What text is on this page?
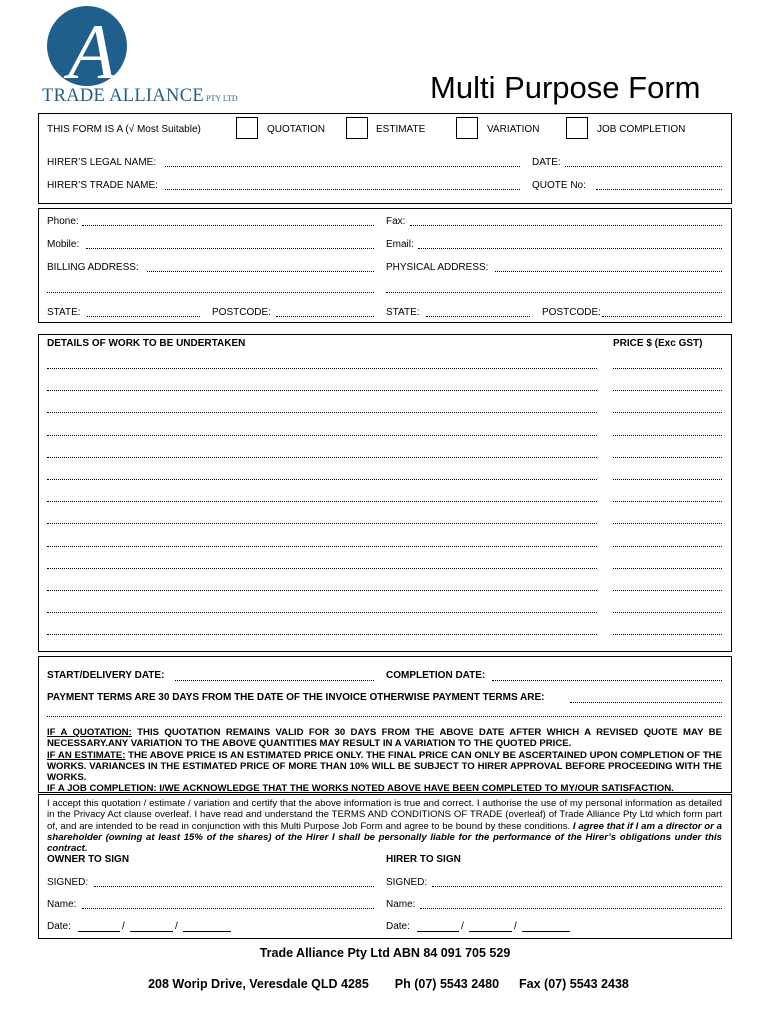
A
TRADE ALLIANCE PTY LTD	Multi Purpose Form
THIS FORM IS A (√ Most Suitable)	QUOTATION	ESTIMATE	VARIATION	JOB COMPLETION
HIRER’S LEGAL NAME:	DATE:
HIRER’S TRADE NAME:	QUOTE No:
Phone:	Fax:
Mobile:	Email:
BILLING ADDRESS:	PHYSICAL ADDRESS:
STATE:	POSTCODE:	STATE:	POSTCODE:
DETAILS OF WORK TO BE UNDERTAKEN	PRICE $ (Exc GST)
START/DELIVERY DATE:	COMPLETION DATE:
PAYMENT TERMS ARE 30 DAYS FROM THE DATE OF THE INVOICE OTHERWISE PAYMENT TERMS ARE:
IF A QUOTATION: THIS QUOTATION REMAINS VALID FOR 30 DAYS FROM THE ABOVE DATE AFTER WHICH A REVISED QUOTE MAY BE NECESSARY.ANY VARIATION TO THE ABOVE QUANTITIES MAY RESULT IN A VARIATION TO THE QUOTED PRICE.
IF AN ESTIMATE: THE ABOVE PRICE IS AN ESTIMATED PRICE ONLY. THE FINAL PRICE CAN ONLY BE ASCERTAINED UPON COMPLETION OF THE WORKS. VARIANCES IN THE ESTIMATED PRICE OF MORE THAN 10% WILL BE SUBJECT TO HIRER APPROVAL BEFORE PROCEEDING WITH THE WORKS.
IF A JOB COMPLETION: I/WE ACKNOWLEDGE THAT THE WORKS NOTED ABOVE HAVE BEEN COMPLETED TO MY/OUR SATISFACTION.
I accept this quotation / estimate / variation and certify that the above information is true and correct. I authorise the use of my personal information as detailed in the Privacy Act clause overleaf. I have read and understand the TERMS AND CONDITIONS OF TRADE (overleaf) of Trade Alliance Pty Ltd which form part of, and are intended to be read in conjunction with this Multi Purpose Job Form and agree to be bound by these conditions. I agree that if I am a director or a shareholder (owning at least 15% of the shares) of the Hirer I shall be personally liable for the performance of the Hirer’s obligations under this contract.
OWNER TO SIGN	HIRER TO SIGN
SIGNED:	SIGNED:
Name:	Name:
Date:	/	/	Date:	/	/
Trade Alliance Pty Ltd ABN 84 091 705 529

208 Worip Drive, Veresdale QLD 4285 Ph (07) 5543 2480 Fax (07) 5543 2438
